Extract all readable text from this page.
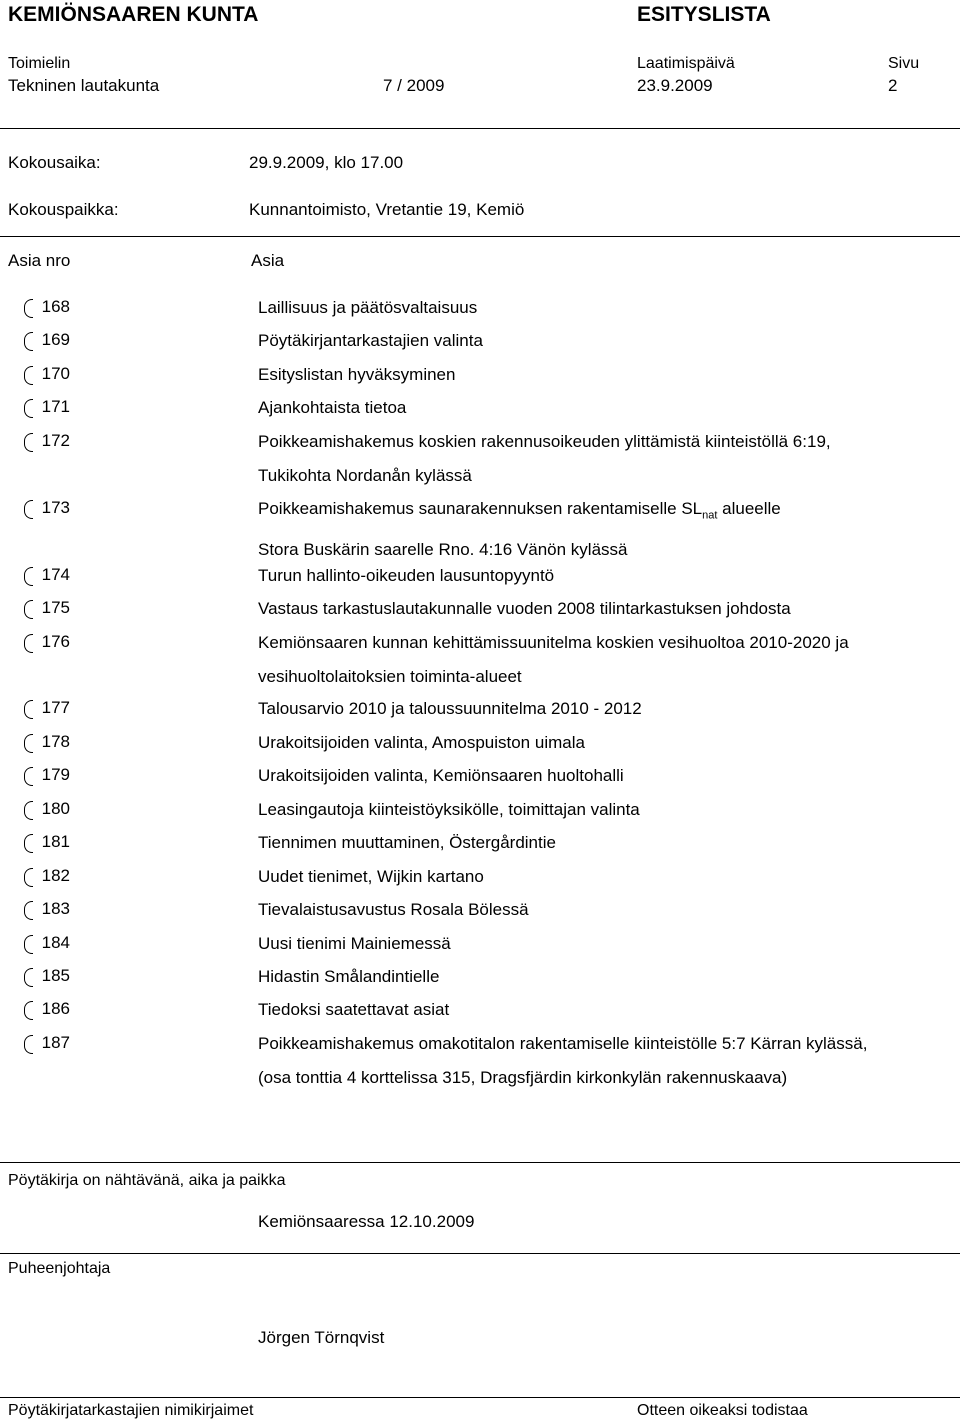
KEMIÖNSAAREN KUNTA	ESITYSLISTA
Toimielin
Tekninen lautakunta	7 / 2009
Laatimispäivä
23.9.2009
Sivu
2
Kokousaika:	29.9.2009, klo 17.00
Kokouspaikka:	Kunnantoimisto, Vretantie 19, Kemiö
Asia nro	Asia
168	Laillisuus ja päätösvaltaisuus
169	Pöytäkirjantarkastajien valinta
170	Esityslistan hyväksyminen
171	Ajankohtaista tietoa
172	Poikkeamishakemus koskien rakennusoikeuden ylittämistä kiinteistöllä 6:19,
Tukikohta Nordanån kylässä
173	Poikkeamishakemus saunarakennuksen rakentamiselle $SL_{nat}$ alueelle
Stora Buskärin saarelle Rno. 4:16 Vänön kylässä
174	Turun hallinto-oikeuden lausuntopyyntö
175	Vastaus tarkastuslautakunnalle vuoden 2008 tilintarkastuksen johdosta
176	Kemiönsaaren kunnan kehittämissuunitelma koskien vesihuoltoa 2010-2020 ja
vesihuoltolaitoksien toiminta-alueet
177	Talousarvio 2010 ja taloussuunnitelma 2010 - 2012
178	Urakoitsijoiden valinta, Amospuiston uimala
179	Urakoitsijoiden valinta, Kemiönsaaren huoltohalli
180	Leasingautoja kiinteistöyksikölle, toimittajan valinta
181	Tiennimen muuttaminen, Östergårdintie
182	Uudet tienimet, Wijkin kartano
183	Tievalaistusavustus Rosala Bölessä
184	Uusi tienimi Mainiemessä
185	Hidastin Smålandintielle
186	Tiedoksi saatettavat asiat
187	Poikkeamishakemus omakotitalon rakentamiselle kiinteistölle 5:7 Kärran kylässä,
(osa tonttia 4 korttelissa 315, Dragsfjärdin kirkonkylän rakennuskaava)
Pöytäkirja on nähtävänä, aika ja paikka
Kemiönsaaressa 12.10.2009
Puheenjohtaja
Jörgen Törnqvist
Pöytäkirjatarkastajien nimikirjaimet	Otteen oikeaksi todistaa
